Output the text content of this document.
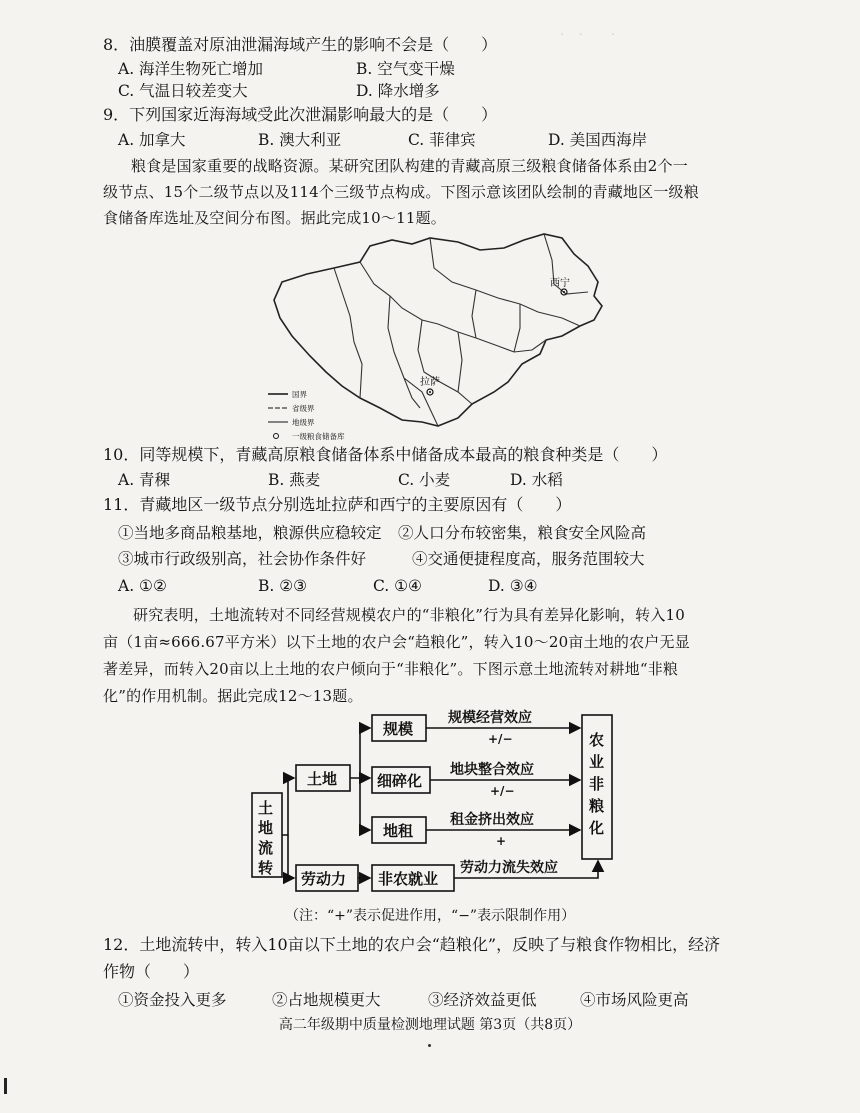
·　·　　·
8．油膜覆盖对原油泄漏海域产生的影响不会是（　　）
A. 海洋生物死亡增加	B. 空气变干燥
C. 气温日较差变大	D. 降水增多
9．下列国家近海海域受此次泄漏影响最大的是（　　）
A. 加拿大	B. 澳大利亚	C. 菲律宾	D. 美国西海岸
粮食是国家重要的战略资源。某研究团队构建的青藏高原三级粮食储备体系由2个一
级节点、15个二级节点以及114个三级节点构成。下图示意该团队绘制的青藏地区一级粮
食储备库选址及空间分布图。据此完成10～11题。
西宁
拉萨
国界
省级界
地级界
一级粮食储备库
10．同等规模下，青藏高原粮食储备体系中储备成本最高的粮食种类是（　　）
A. 青稞	B. 燕麦	C. 小麦	D. 水稻
11．青藏地区一级节点分别选址拉萨和西宁的主要原因有（　　）
①当地多商品粮基地，粮源供应稳较定 ②人口分布较密集，粮食安全风险高
③城市行政级别高，社会协作条件好	④交通便捷程度高，服务范围较大
A. ①②	B. ②③	C. ①④	D. ③④
研究表明，土地流转对不同经营规模农户的“非粮化”行为具有差异化影响，转入10
亩（1亩≈666.67平方米）以下土地的农户会“趋粮化”，转入10～20亩土地的农户无显
著差异，而转入20亩以上土地的农户倾向于“非粮化”。下图示意土地流转对耕地“非粮
化”的作用机制。据此完成12～13题。
土
地
流
转
土地
劳动力
规模
细碎化
地租
非农就业
规模经营效应
+/−
地块整合效应
+/−
租金挤出效应
+
劳动力流失效应
农
业
非
粮
化
（注：“+”表示促进作用，“−”表示限制作用）
12．土地流转中，转入10亩以下土地的农户会“趋粮化”，反映了与粮食作物相比，经济
作物（　　）
①资金投入更多	②占地规模更大	③经济效益更低	④市场风险更高
高二年级期中质量检测地理试题 第3页（共8页）
